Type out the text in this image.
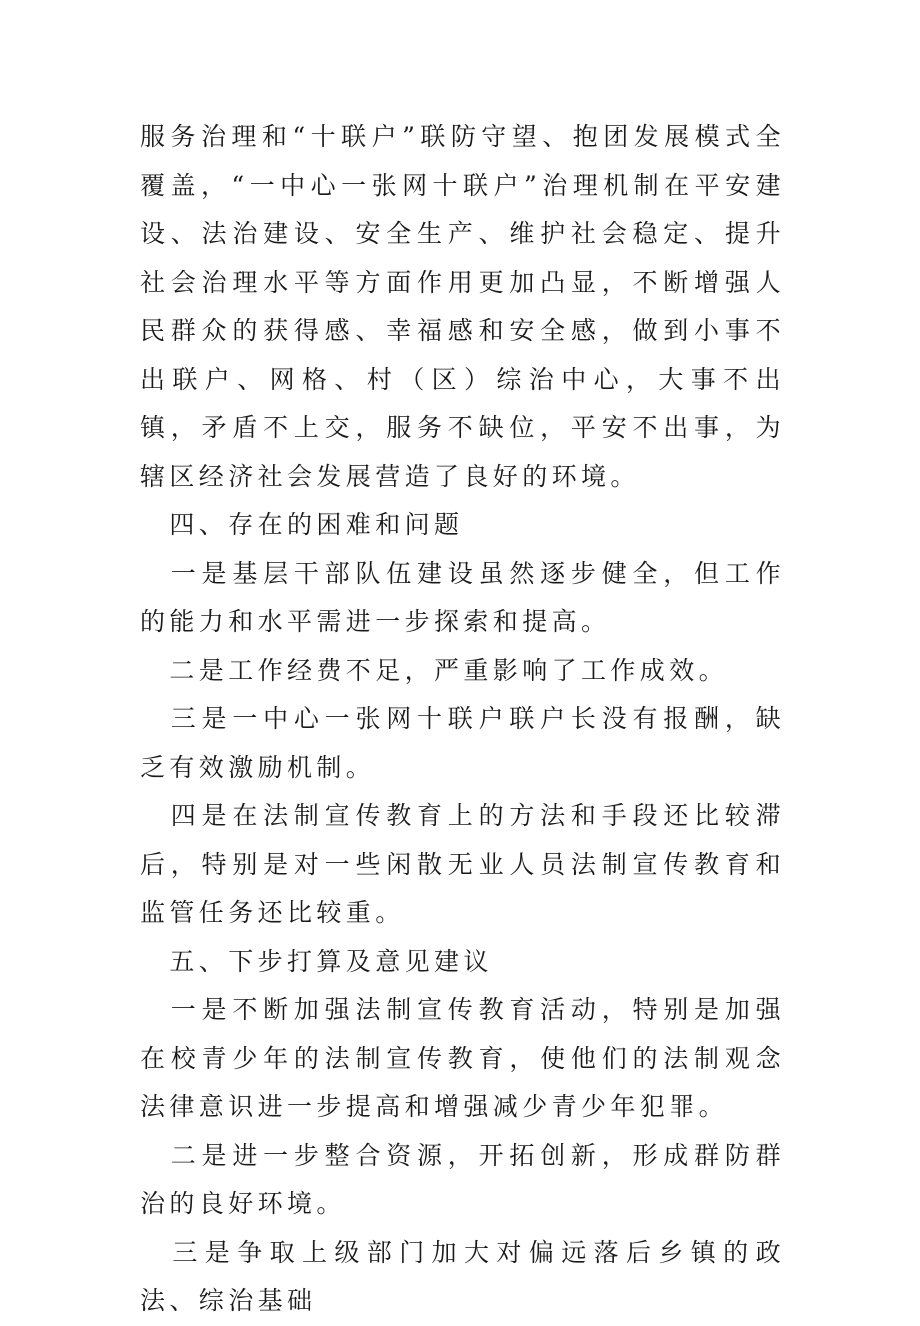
服务治理和“十联户”联防守望、抱团发展模式全覆盖，“一中心一张网十联户”治理机制在平安建设、法治建设、安全生产、维护社会稳定、提升社会治理水平等方面作用更加凸显，不断增强人民群众的获得感、幸福感和安全感，做到小事不出联户、网格、村（区）综治中心，大事不出镇，矛盾不上交，服务不缺位，平安不出事，为辖区经济社会发展营造了良好的环境。

　四、存在的困难和问题

　一是基层干部队伍建设虽然逐步健全，但工作的能力和水平需进一步探索和提高。

　二是工作经费不足，严重影响了工作成效。

　三是一中心一张网十联户联户长没有报酬，缺乏有效激励机制。

　四是在法制宣传教育上的方法和手段还比较滞后，特别是对一些闲散无业人员法制宣传教育和监管任务还比较重。

　五、下步打算及意见建议

　一是不断加强法制宣传教育活动，特别是加强在校青少年的法制宣传教育，使他们的法制观念法律意识进一步提高和增强减少青少年犯罪。

　二是进一步整合资源，开拓创新，形成群防群治的良好环境。

　三是争取上级部门加大对偏远落后乡镇的政法、综治基础
